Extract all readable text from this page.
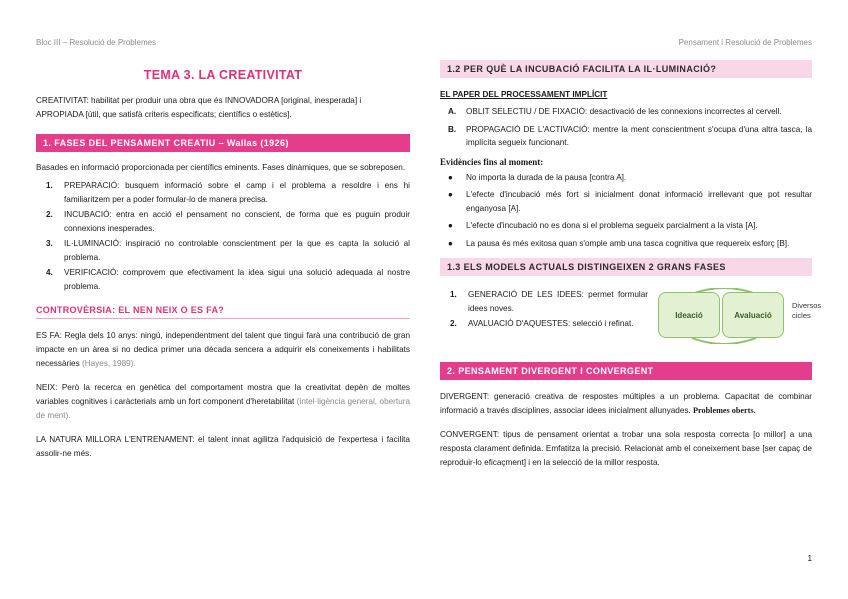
Bloc III – Resolució de Problemes	Pensament i Resolució de Problemes
TEMA 3. LA CREATIVITAT

CREATIVITAT: habilitat per produir una obra que és INNOVADORA [original, inesperada] i
APROPIADA [útil, que satisfà criteris especificats; científics o estètics].

1. FASES DEL PENSAMENT CREATIU – Wallas (1926)

Basades en informació proporcionada per científics eminents. Fases dinàmiques, que se sobreposen.

1.	PREPARACIÓ: busquem informació sobre el camp i el problema a resoldre i ens hi familiaritzem per a poder formular-lo de manera precisa.
2.	INCUBACIÓ: entra en acció el pensament no conscient, de forma que es puguin produir connexions inesperades.
3.	IL·LUMINACIÓ: inspiració no controlable conscientment per la que es capta la solució al problema.
4.	VERIFICACIÓ: comprovem que efectivament la idea sigui una solució adequada al nostre problema.
CONTROVÈRSIA: EL NEN NEIX O ES FA?

ES FA: Regla dels 10 anys: ningú, independentment del talent que tingui farà una contribució de gran impacte en un àrea si no dedica primer una dècada sencera a adquirir els coneixements i habilitats necessàries (Hayes, 1989).

NEIX: Però la recerca en genètica del comportament mostra que la creativitat depèn de moltes variables cognitives i caràcterials amb un fort component d'heretabilitat (intel·ligència general, obertura de ment).

LA NATURA MILLORA L'ENTRENAMENT: el talent innat agilitza l'adquisició de l'expertesa i facilita assolir-ne més.

1.2 PER QUÈ LA INCUBACIÓ FACILITA LA IL·LUMINACIÓ?
EL PAPER DEL PROCESSAMENT IMPLÍCIT
A.	OBLIT SELECTIU / DE FIXACIÓ: desactivació de les connexions incorrectes al cervell.
B.	PROPAGACIÓ DE L'ACTIVACIÓ: mentre la ment conscientment s'ocupa d'una altra tasca, la implícita segueix funcionant.
Evidències fins al moment:
●	No importa la durada de la pausa [contra A].
●	L'efecte d'incubació més fort si inicialment donat informació irrellevant que pot resultar enganyosa [A].
●	L'efecte d'incubació no es dona si el problema segueix parcialment a la vista [A].
●	La pausa és més exitosa quan s'omple amb una tasca cognitiva que requereix esforç [B].
1.3 ELS MODELS ACTUALS DISTINGEIXEN 2 GRANS FASES
1.	GENERACIÓ DE LES IDEES: permet formular idees noves.
2.	AVALUACIÓ D'AQUESTES: selecció i refinat.
Ideació	Avaluació
Diversos cicles
2. PENSAMENT DIVERGENT I CONVERGENT

DIVERGENT: generació creativa de respostes múltiples a un problema. Capacitat de combinar informació a través disciplines, associar idees inicialment allunyades. Problemes oberts.

CONVERGENT: tipus de pensament orientat a trobar una sola resposta correcta [o millor] a una resposta clarament definida. Emfatitza la precisió. Relacionat amb el coneixement base [ser capaç de reproduir-lo eficaçment] i en la selecció de la millor resposta.

1
